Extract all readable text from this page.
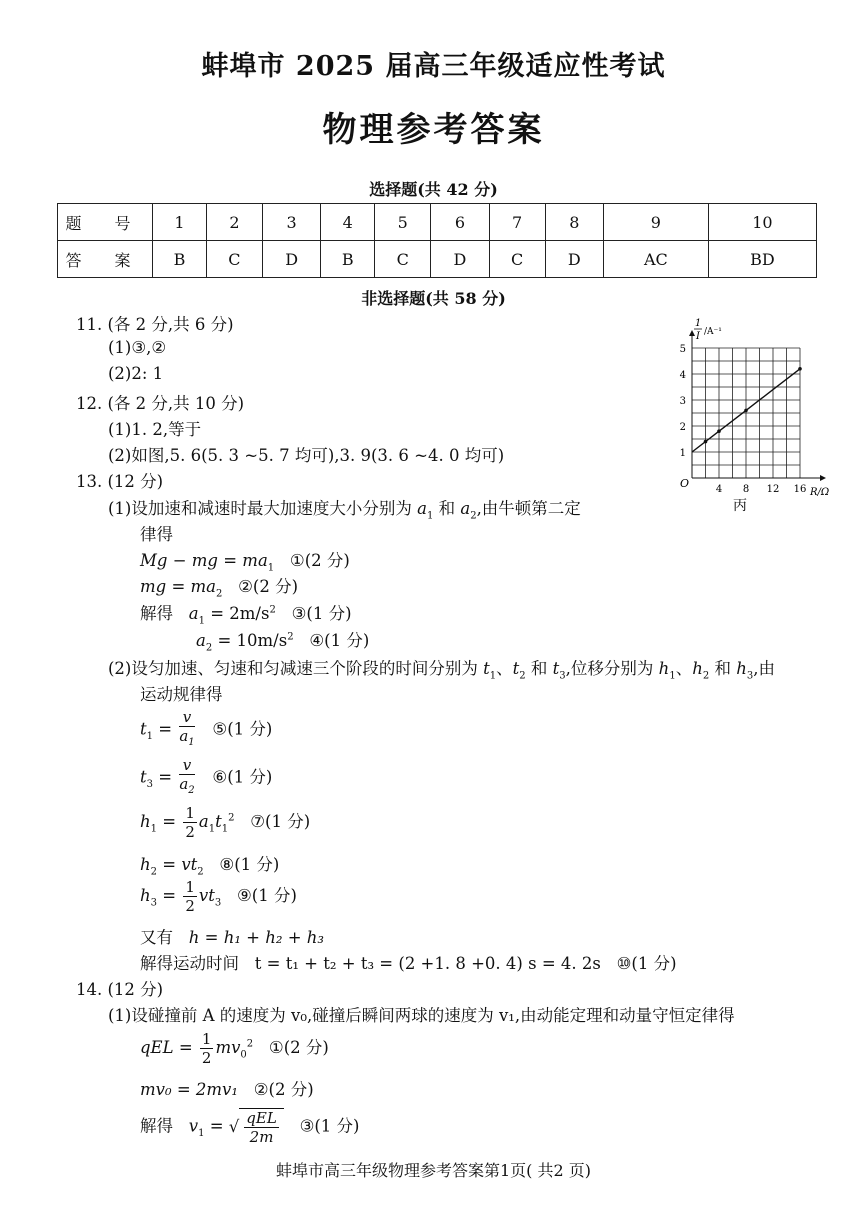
蚌埠市 2025 届高三年级适应性考试
物理参考答案
选择题(共 42 分)
题 号	1	2	3	4	5	6	7	8	9	10
答 案	B	C	D	B	C	D	C	D	AC	BD
非选择题(共 58 分)
11. (各 2 分,共 6 分)
(1)③,②
(2)2: 1
12. (各 2 分,共 10 分)
(1)1. 2,等于
(2)如图,5. 6(5. 3 ~5. 7 均可),3. 9(3. 6 ~4. 0 均可)
4 8 12 16
1
2
3
4
5
1
I /A⁻¹
R/Ω
O
丙
13. (12 分)
(1)设加速和减速时最大加速度大小分别为 $a_1$ 和 $a_2$,由牛顿第二定
律得
Mg − mg = $ma_1$ ①(2 分)
mg = $ma_2$ ②(2 分)
解得 $a_1 = 2m/s^2$ ③(1 分)
$a_2 = 10m/s^2$ ④(1 分)
(2)设匀加速、匀速和匀减速三个阶段的时间分别为 $t_1$、$t_2$ 和 $t_3$,位移分别为 $h_1$、$h_2$ 和 $h_3$,由
运动规律得
$t_1 = \frac{v}{a_1}$ ⑤(1 分)
$t_3 = \frac{v}{a_2}$ ⑥(1 分)
$h_1 = \frac{1}{2} a_1t_1^2$ ⑦(1 分)
$h_2 = vt_2$ ⑧(1 分)
$h_3 = \frac{1}{2} vt_3$ ⑨(1 分)
又有 h = h₁ + h₂ + h₃
解得运动时间 t = t₁ + t₂ + t₃ = (2 +1. 8 +0. 4) s = 4. 2s ⑩(1 分)
14. (12 分)
(1)设碰撞前 A 的速度为 v₀,碰撞后瞬间两球的速度为 v₁,由动能定理和动量守恒定律得
qEL = $\frac{1}{2} mv_0^2$ ①(2 分)
mv₀ = 2mv₁ ②(2 分)
解得 $v_1$ = √ $\frac{\text{qEL}}{2m}$ ③(1 分)
蚌埠市高三年级物理参考答案第1页( 共2 页)
